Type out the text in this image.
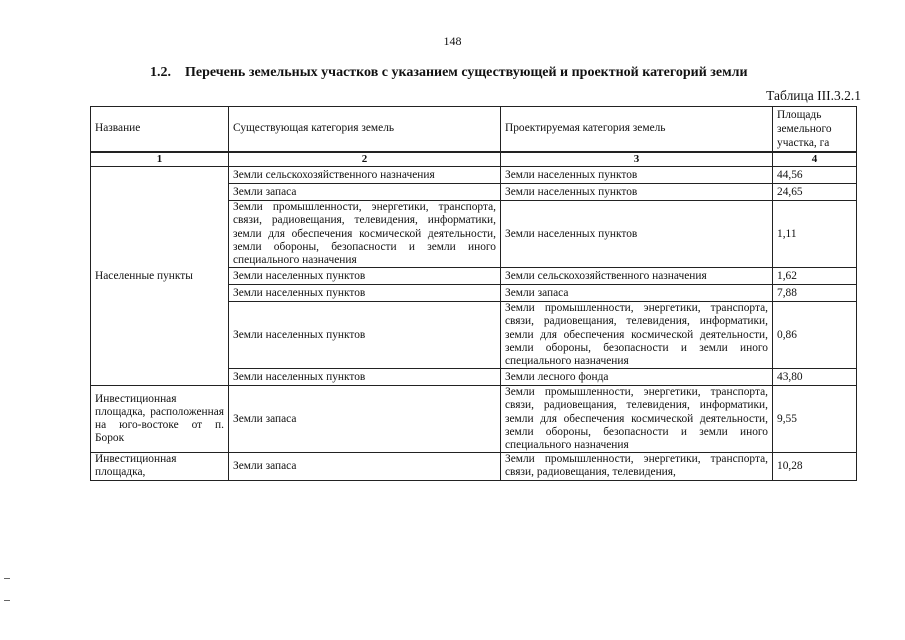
148
1.2. Перечень земельных участков с указанием существующей и проектной категорий земли
Таблица III.3.2.1
Название	Существующая категория земель	Проектируемая категория земель	Площадь земельного участка, га
1	2	3	4
Населенные пункты	Земли сельскохозяйственного назначения	Земли населенных пунктов	44,56
	Земли запаса	Земли населенных пунктов	24,65
	Земли промышленности, энергетики, транспорта, связи, радиовещания, телевидения, информатики, земли для обеспечения космической деятельности, земли обороны, безопасности и земли иного специального назначения	Земли населенных пунктов	1,11
	Земли населенных пунктов	Земли сельскохозяйственного назначения	1,62
	Земли населенных пунктов	Земли запаса	7,88
	Земли населенных пунктов	Земли промышленности, энергетики, транспорта, связи, радиовещания, телевидения, информатики, земли для обеспечения космической деятельности, земли обороны, безопасности и земли иного специального назначения	0,86
	Земли населенных пунктов	Земли лесного фонда	43,80
Инвестиционная площадка, расположенная на юго-востоке от п. Борок	Земли запаса	Земли промышленности, энергетики, транспорта, связи, радиовещания, телевидения, информатики, земли для обеспечения космической деятельности, земли обороны, безопасности и земли иного специального назначения	9,55
Инвестиционная площадка,	Земли запаса	Земли промышленности, энергетики, транспорта, связи, радиовещания, телевидения,	10,28
